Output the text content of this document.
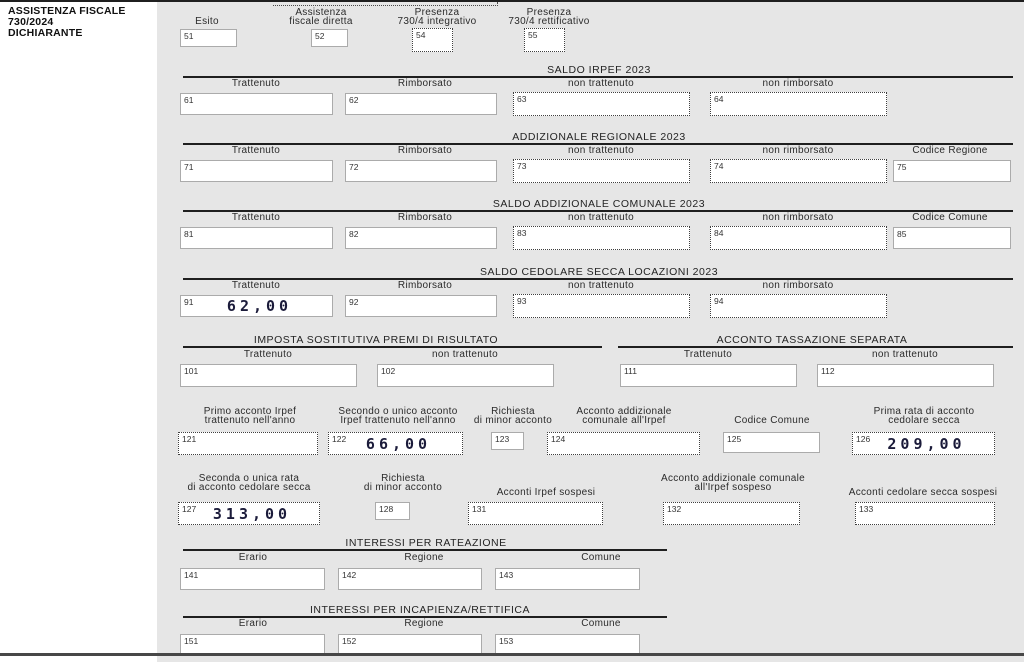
ASSISTENZA FISCALE
730/2024
DICHIARANTE
SALDO IRPEF 2023
ADDIZIONALE REGIONALE 2023
SALDO ADDIZIONALE COMUNALE 2023
SALDO CEDOLARE SECCA LOCAZIONI 2023
IMPOSTA SOSTITUTIVA PREMI DI RISULTATO	ACCONTO TASSAZIONE SEPARATA
INTERESSI PER RATEAZIONE
INTERESSI PER INCAPIENZA/RETTIFICA
Esito
51
Assistenza
fiscale diretta
52
Presenza
730/4 integrativo
54
Presenza
730/4 rettificativo
55
Trattenuto
61
Rimborsato
62
non trattenuto
63
non rimborsato
64
Trattenuto
71
Rimborsato
72
non trattenuto
73
non rimborsato
74
Codice Regione
75
Trattenuto
81
Rimborsato
82
non trattenuto
83
non rimborsato
84
Codice Comune
85
Trattenuto
91	62,00
Rimborsato
92
non trattenuto
93
non rimborsato
94
Trattenuto
101
non trattenuto
102
Trattenuto
111
non trattenuto
112
Primo acconto Irpef
trattenuto nell'anno
121
Secondo o unico acconto
Irpef trattenuto nell'anno
122	66,00
Richiesta
di minor acconto
123
Acconto addizionale
comunale all'Irpef
124
Codice Comune
125
Prima rata di acconto
cedolare secca
126	209,00
Seconda o unica rata
di acconto cedolare secca
127	313,00
Richiesta
di minor acconto
128
Acconti Irpef sospesi
131
Acconto addizionale comunale
all'Irpef sospeso
132
Acconti cedolare secca sospesi
133
Erario
141
Regione
142
Comune
143
Erario
151
Regione
152
Comune
153
